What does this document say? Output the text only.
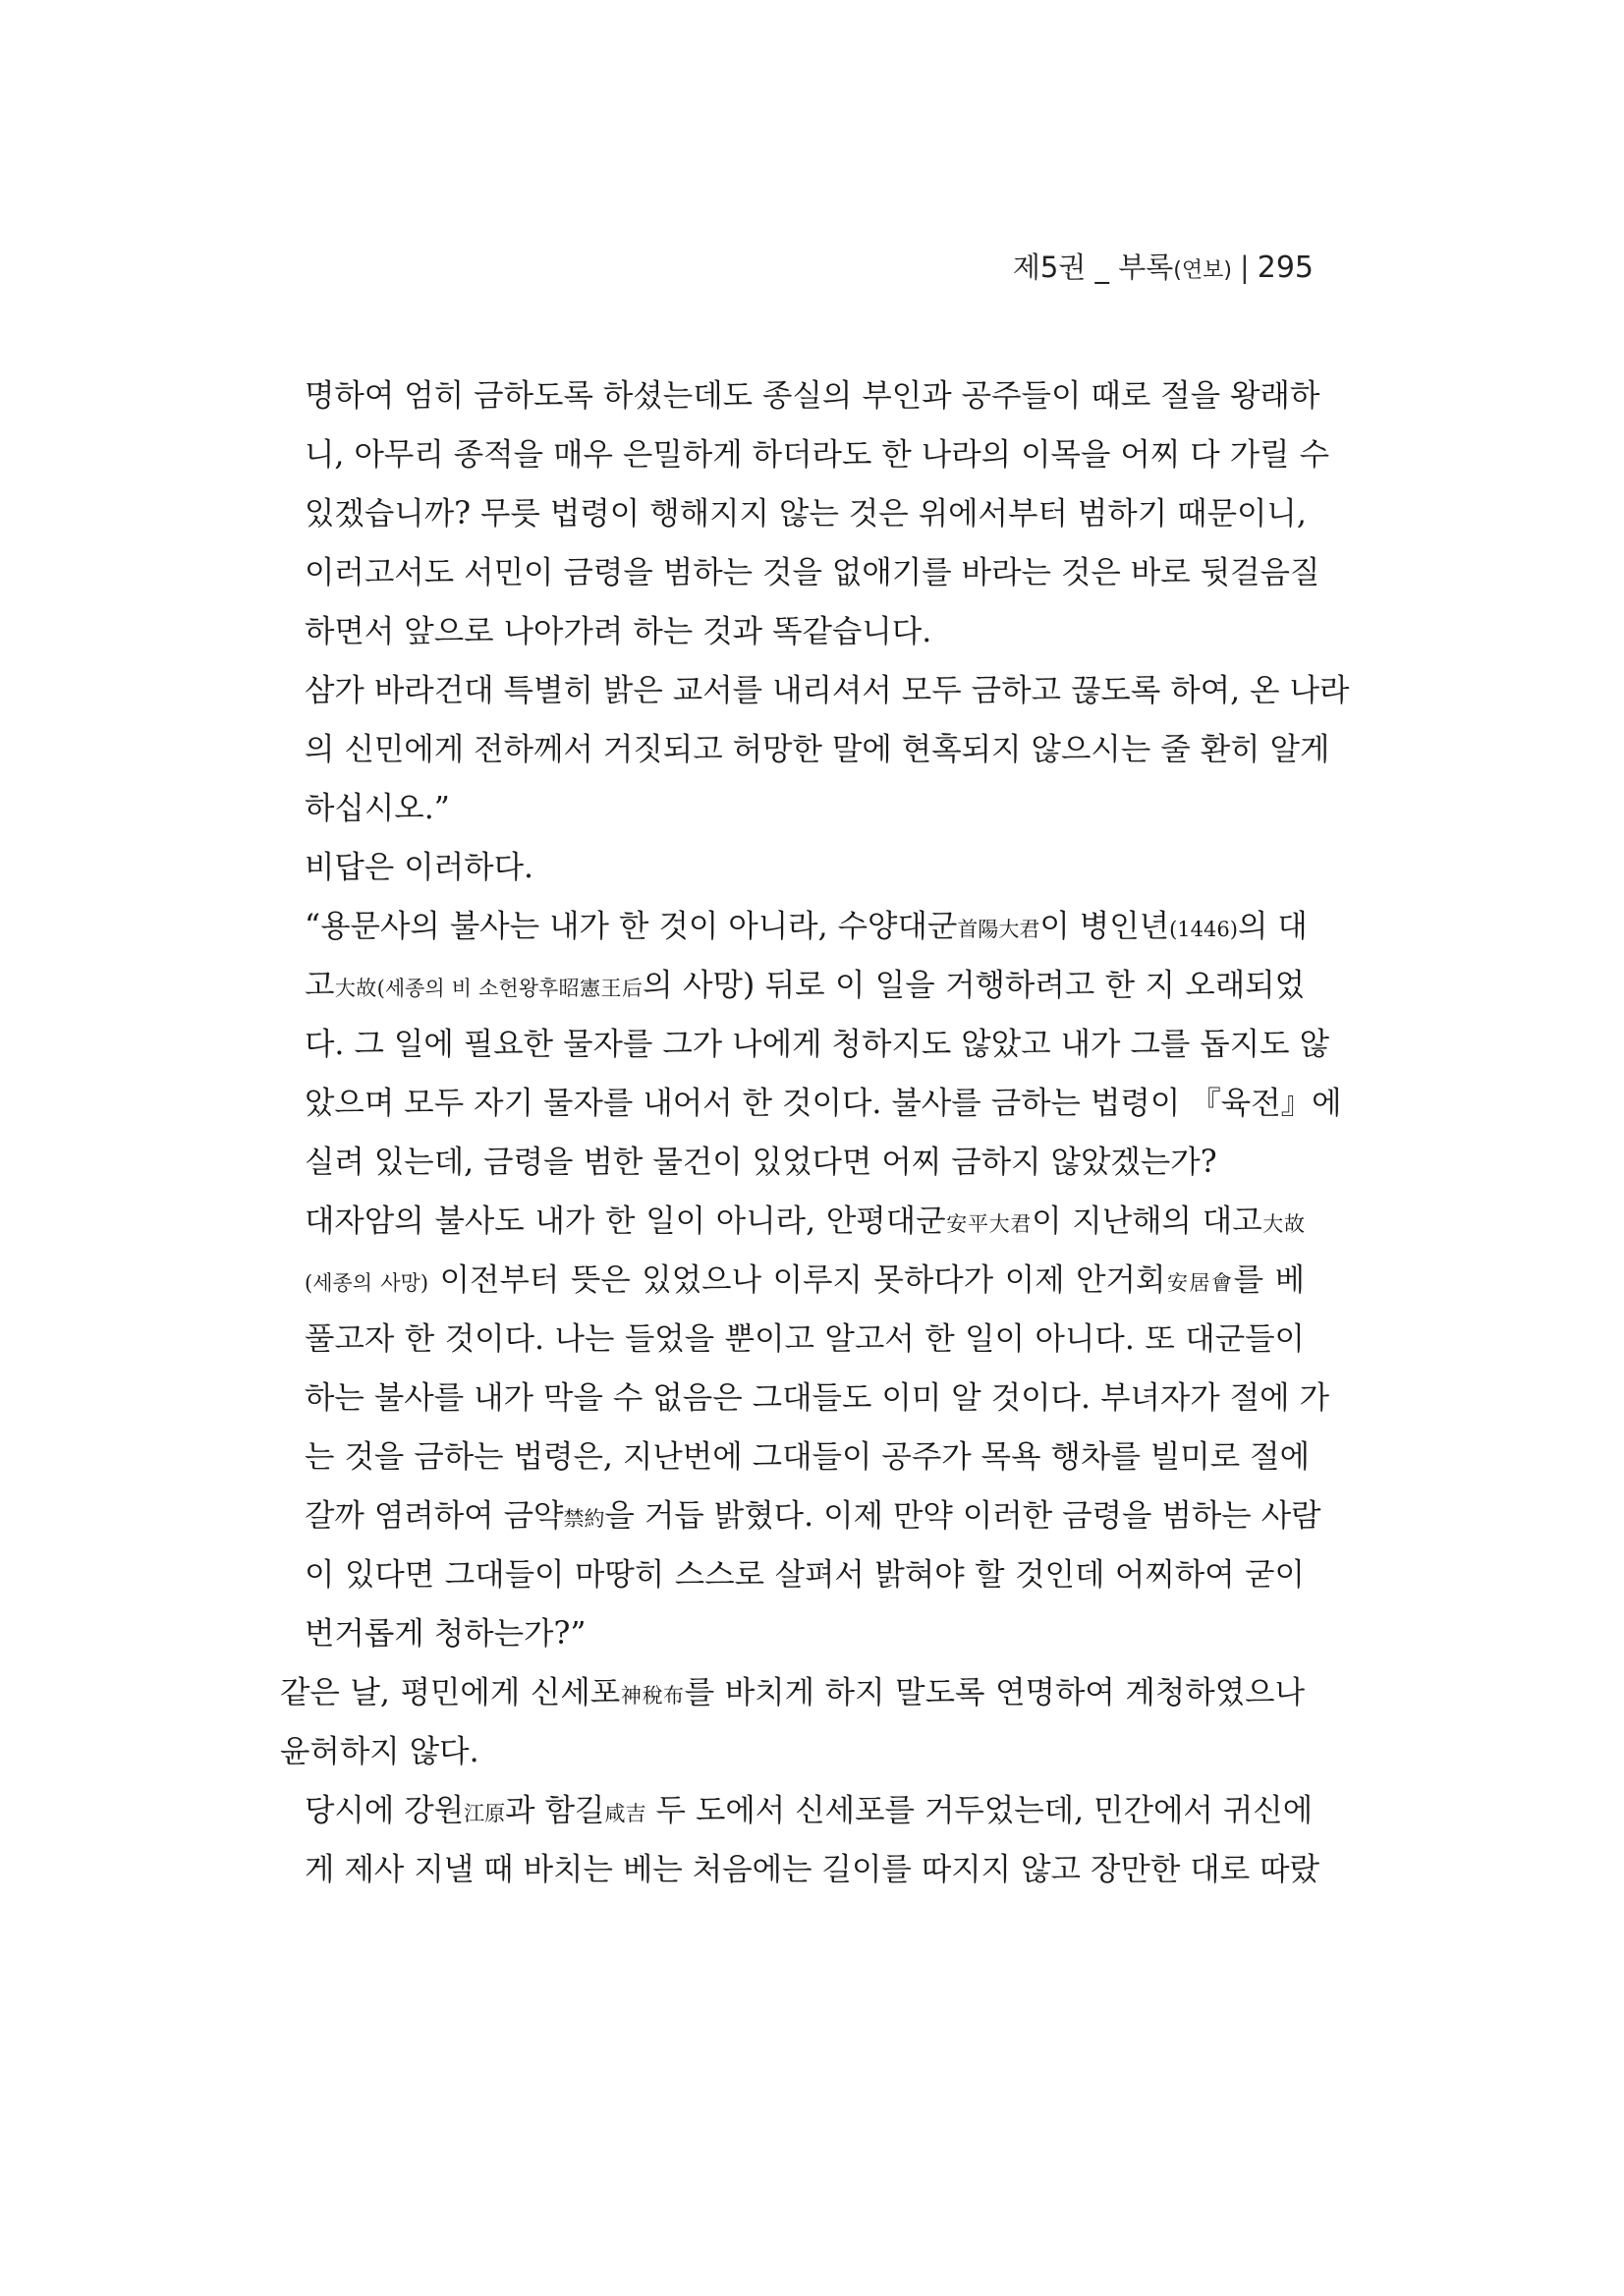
제5권 _ 부록(연보) | 295
명하여 엄히 금하도록 하셨는데도 종실의 부인과 공주들이 때로 절을 왕래하
니, 아무리 종적을 매우 은밀하게 하더라도 한 나라의 이목을 어찌 다 가릴 수
있겠습니까? 무릇 법령이 행해지지 않는 것은 위에서부터 범하기 때문이니,
이러고서도 서민이 금령을 범하는 것을 없애기를 바라는 것은 바로 뒷걸음질
하면서 앞으로 나아가려 하는 것과 똑같습니다.
삼가 바라건대 특별히 밝은 교서를 내리셔서 모두 금하고 끊도록 하여, 온 나라
의 신민에게 전하께서 거짓되고 허망한 말에 현혹되지 않으시는 줄 환히 알게
하십시오.”
비답은 이러하다.
“용문사의 불사는 내가 한 것이 아니라, 수양대군首陽大君이 병인년(1446)의 대
고大故(세종의 비 소헌왕후昭憲王后의 사망) 뒤로 이 일을 거행하려고 한 지 오래되었
다. 그 일에 필요한 물자를 그가 나에게 청하지도 않았고 내가 그를 돕지도 않
았으며 모두 자기 물자를 내어서 한 것이다. 불사를 금하는 법령이 『육전』에
실려 있는데, 금령을 범한 물건이 있었다면 어찌 금하지 않았겠는가?
대자암의 불사도 내가 한 일이 아니라, 안평대군安平大君이 지난해의 대고大故
(세종의 사망) 이전부터 뜻은 있었으나 이루지 못하다가 이제 안거회安居會를 베
풀고자 한 것이다. 나는 들었을 뿐이고 알고서 한 일이 아니다. 또 대군들이
하는 불사를 내가 막을 수 없음은 그대들도 이미 알 것이다. 부녀자가 절에 가
는 것을 금하는 법령은, 지난번에 그대들이 공주가 목욕 행차를 빌미로 절에
갈까 염려하여 금약禁約을 거듭 밝혔다. 이제 만약 이러한 금령을 범하는 사람
이 있다면 그대들이 마땅히 스스로 살펴서 밝혀야 할 것인데 어찌하여 굳이
번거롭게 청하는가?”
같은 날, 평민에게 신세포神稅布를 바치게 하지 말도록 연명하여 계청하였으나
윤허하지 않다.
당시에 강원江原과 함길咸吉 두 도에서 신세포를 거두었는데, 민간에서 귀신에
게 제사 지낼 때 바치는 베는 처음에는 길이를 따지지 않고 장만한 대로 따랐
